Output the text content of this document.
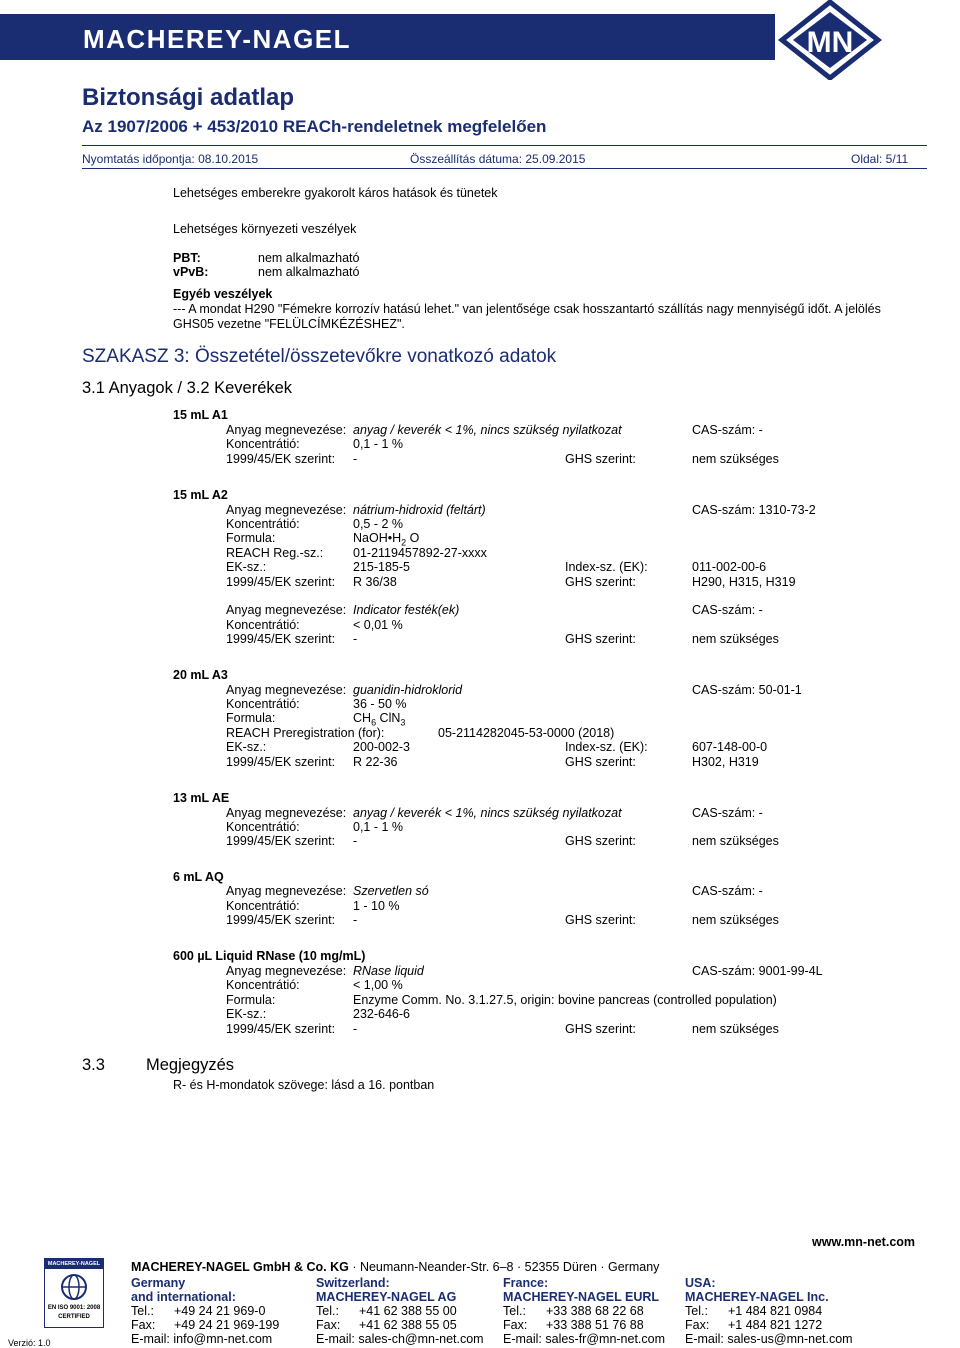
MACHEREY-NAGEL	MN
Biztonsági adatlap
Az 1907/2006 + 453/2010 REACh-rendeletnek megfelelően
Nyomtatás időpontja: 08.10.2015	Összeállítás dátuma: 25.09.2015	Oldal: 5/11
Lehetséges emberekre gyakorolt káros hatások és tünetek
Lehetséges környezeti veszélyek
PBT:	nem alkalmazható
vPvB:	nem alkalmazható
Egyéb veszélyek
--- A mondat H290 "Fémekre korrozív hatású lehet." van jelentősége csak hosszantartó szállítás nagy mennyiségű időt. A jelölés
GHS05 vezetne "FELÜLCÍMKÉZÉSHEZ".
SZAKASZ 3: Összetétel/összetevőkre vonatkozó adatok
3.1 Anyagok / 3.2 Keverékek
15 mL A1
Anyag megnevezése: anyag / keverék < 1%, nincs szükség nyilatkozat	CAS-szám: -
Koncentrátió:	0,1 - 1 %
1999/45/EK szerint: -	GHS szerint:	nem szükséges
15 mL A2
Anyag megnevezése: nátrium-hidroxid (feltárt)	CAS-szám: 1310-73-2
Koncentrátió:	0,5 - 2 %
Formula:	$NaOH•H_2$ O
REACH Reg.-sz.: 01-2119457892-27-xxxx
EK-sz.:	215-185-5	Index-sz. (EK):	011-002-00-6
1999/45/EK szerint: R 36/38	GHS szerint:	H290, H315, H319
Anyag megnevezése: Indicator festék(ek)	CAS-szám: -
Koncentrátió:	< 0,01 %
1999/45/EK szerint: -	GHS szerint:	nem szükséges
20 mL A3
Anyag megnevezése: guanidin-hidroklorid	CAS-szám: 50-01-1
Koncentrátió:	36 - 50 %
Formula:	$CH_6$ ClN$_3$
REACH Preregistration (for):	05-2114282045-53-0000 (2018)
EK-sz.:	200-002-3	Index-sz. (EK):	607-148-00-0
1999/45/EK szerint: R 22-36	GHS szerint:	H302, H319
13 mL AE
Anyag megnevezése: anyag / keverék < 1%, nincs szükség nyilatkozat	CAS-szám: -
Koncentrátió:	0,1 - 1 %
1999/45/EK szerint: -	GHS szerint:	nem szükséges
6 mL AQ
Anyag megnevezése: Szervetlen só	CAS-szám: -
Koncentrátió:	1 - 10 %
1999/45/EK szerint: -	GHS szerint:	nem szükséges
600 µL Liquid RNase (10 mg/mL)
Anyag megnevezése: RNase liquid	CAS-szám: 9001-99-4L
Koncentrátió:	< 1,00 %
Formula:	Enzyme Comm. No. 3.1.27.5, origin: bovine pancreas (controlled population)
EK-sz.:	232-646-6
1999/45/EK szerint: -	GHS szerint:	nem szükséges
3.3 Megjegyzés
R- és H-mondatok szövege: lásd a 16. pontban
www.mn-net.com
MACHEREY-NAGEL
EN ISO 9001: 2008
CERTIFIED
Verzió: 1.0
MACHEREY-NAGEL GmbH & Co. KG · Neumann-Neander-Str. 6–8 · 52355 Düren · Germany
Germany
and international:
Tel.: +49 24 21 969-0
Fax: +49 24 21 969-199
E-mail: info@mn-net.com
Switzerland:
MACHEREY-NAGEL AG
Tel.: +41 62 388 55 00
Fax: +41 62 388 55 05
E-mail: sales-ch@mn-net.com
France:
MACHEREY-NAGEL EURL
Tel.: +33 388 68 22 68
Fax: +33 388 51 76 88
E-mail: sales-fr@mn-net.com
USA:
MACHEREY-NAGEL Inc.
Tel.: +1 484 821 0984
Fax: +1 484 821 1272
E-mail: sales-us@mn-net.com
